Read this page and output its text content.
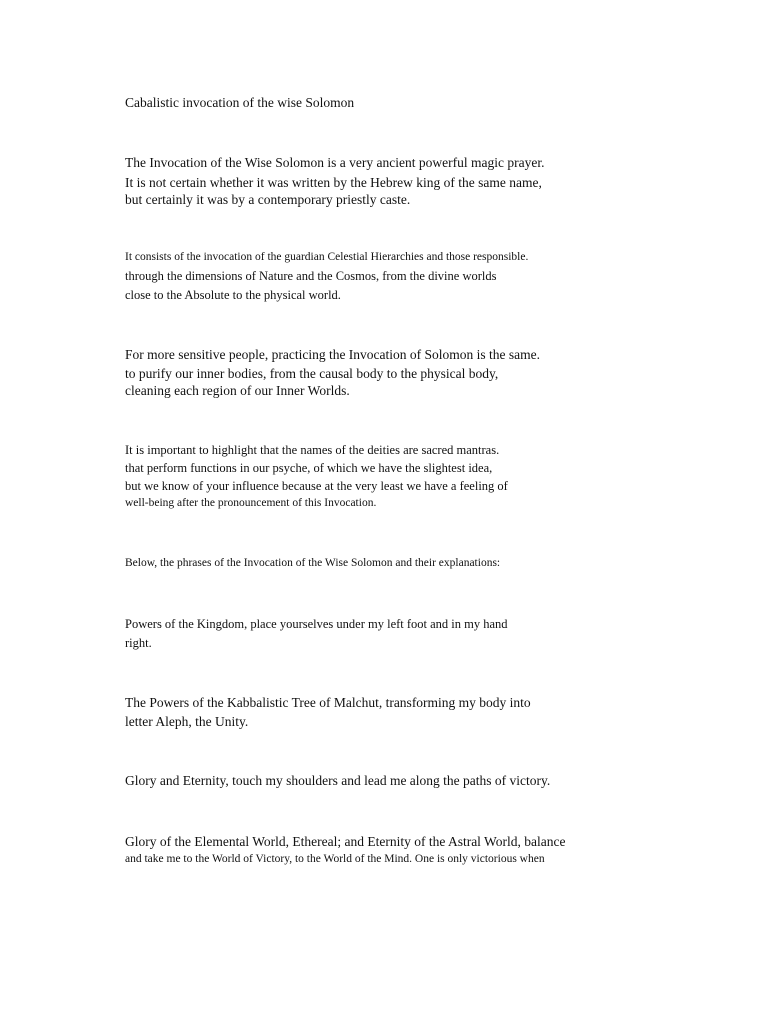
Cabalistic invocation of the wise Solomon

The Invocation of the Wise Solomon is a very ancient powerful magic prayer.

It is not certain whether it was written by the Hebrew king of the same name,

but certainly it was by a contemporary priestly caste.

It consists of the invocation of the guardian Celestial Hierarchies and those responsible.

through the dimensions of Nature and the Cosmos, from the divine worlds

close to the Absolute to the physical world.

For more sensitive people, practicing the Invocation of Solomon is the same.

to purify our inner bodies, from the causal body to the physical body,

cleaning each region of our Inner Worlds.

It is important to highlight that the names of the deities are sacred mantras.

that perform functions in our psyche, of which we have the slightest idea,

but we know of your influence because at the very least we have a feeling of

well-being after the pronouncement of this Invocation.

Below, the phrases of the Invocation of the Wise Solomon and their explanations:

Powers of the Kingdom, place yourselves under my left foot and in my hand

right.

The Powers of the Kabbalistic Tree of Malchut, transforming my body into

letter Aleph, the Unity.

Glory and Eternity, touch my shoulders and lead me along the paths of victory.

Glory of the Elemental World, Ethereal; and Eternity of the Astral World, balance

and take me to the World of Victory, to the World of the Mind. One is only victorious when
